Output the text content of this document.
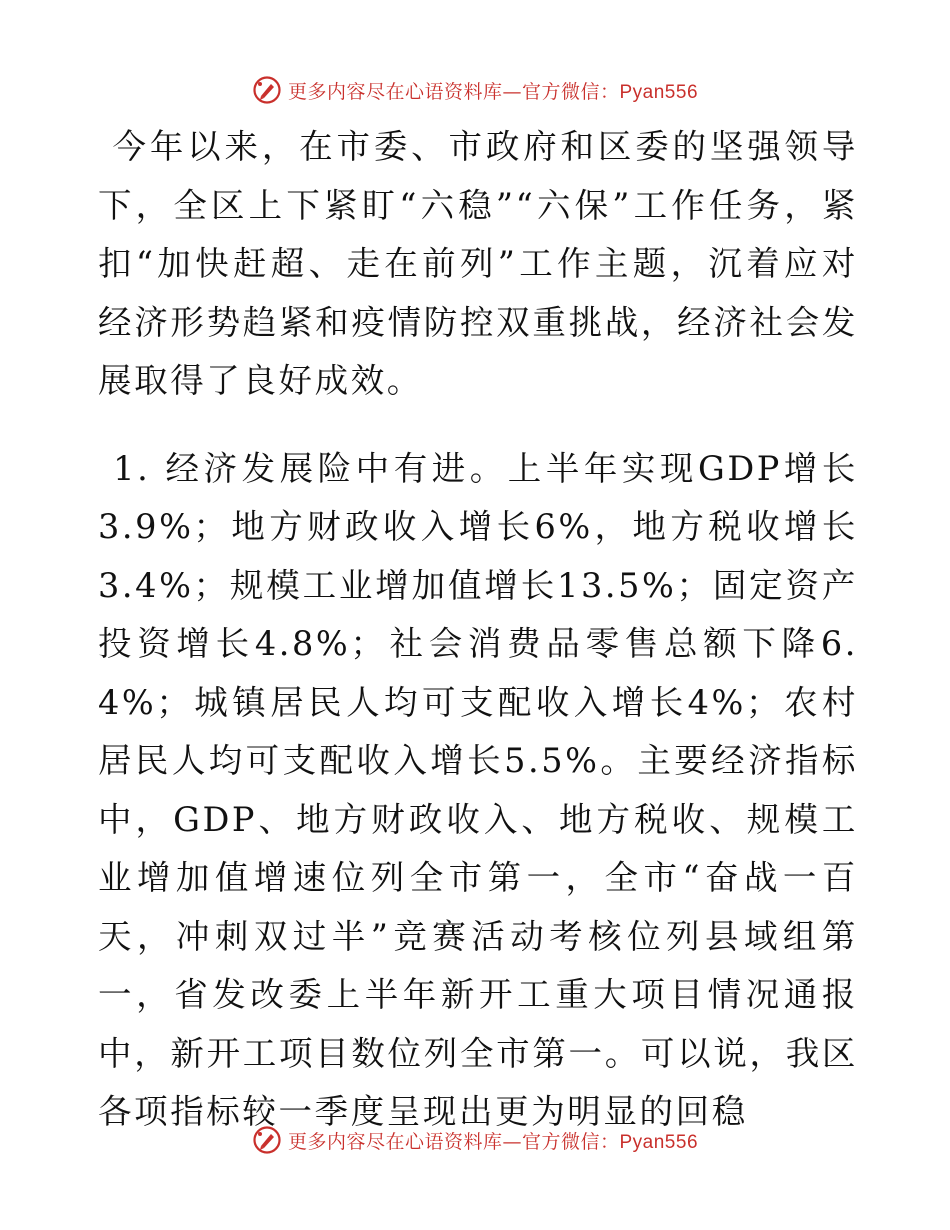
更多内容尽在心语资料库—官方微信：Pyan556

今年以来，在市委、市政府和区委的坚强领导下，全区上下紧盯“六稳”“六保”工作任务，紧扣“加快赶超、走在前列”工作主题，沉着应对经济形势趋紧和疫情防控双重挑战，经济社会发展取得了良好成效。

1. 经济发展险中有进。上半年实现GDP增长3.9%；地方财政收入增长6%，地方税收增长3.4%；规模工业增加值增长13.5%；固定资产投资增长4.8%；社会消费品零售总额下降6.4%；城镇居民人均可支配收入增长4%；农村居民人均可支配收入增长5.5%。主要经济指标中，GDP、地方财政收入、地方税收、规模工业增加值增速位列全市第一，全市“奋战一百天，冲刺双过半”竞赛活动考核位列县域组第一，省发改委上半年新开工重大项目情况通报中，新开工项目数位列全市第一。可以说，我区各项指标较一季度呈现出更为明显的回稳

更多内容尽在心语资料库—官方微信：Pyan556
